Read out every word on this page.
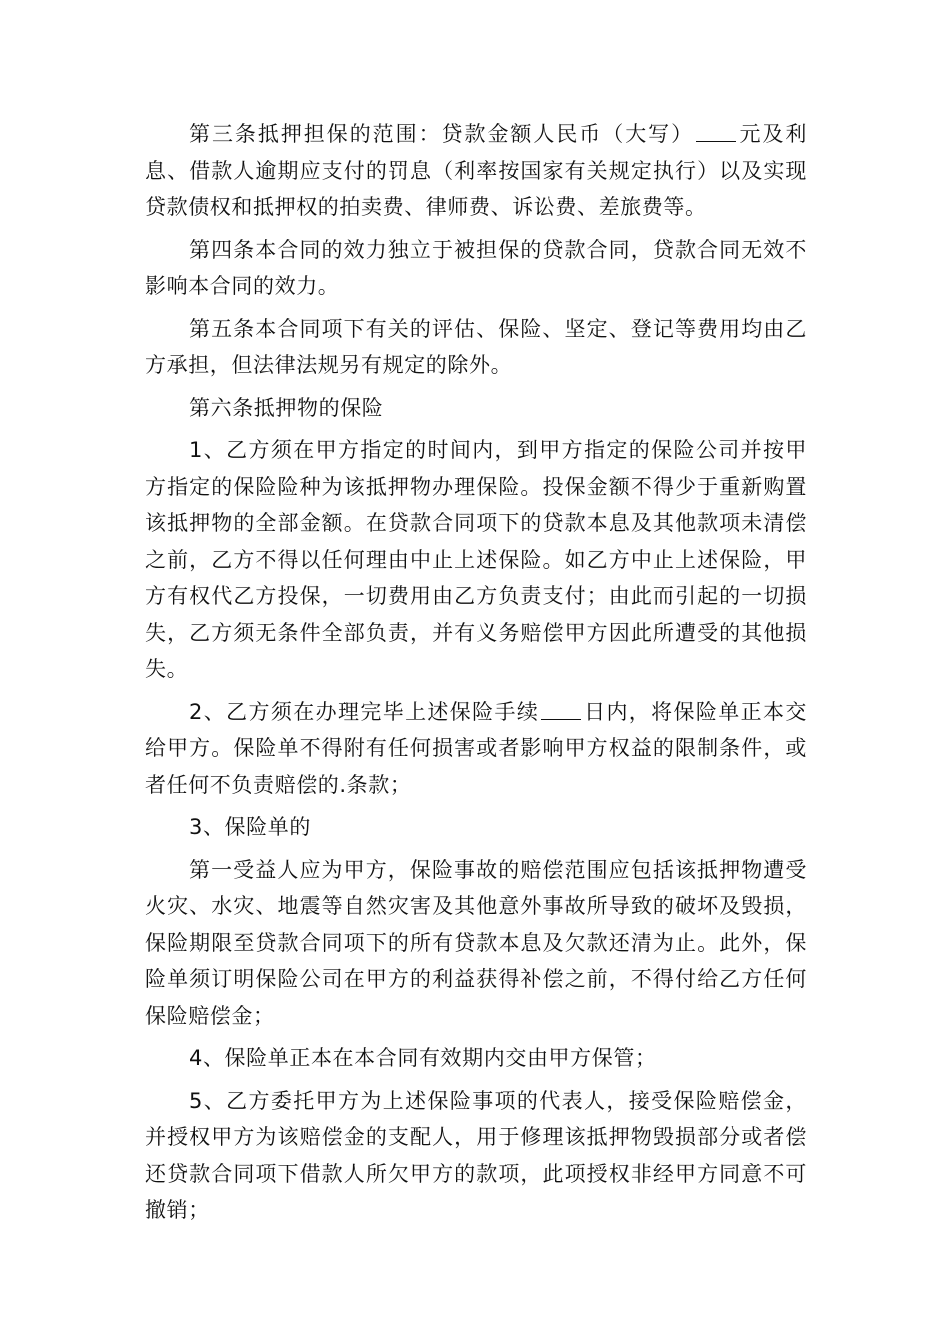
第三条抵押担保的范围：贷款金额人民币（大写） 元及利息、借款人逾期应支付的罚息（利率按国家有关规定执行）以及实现贷款债权和抵押权的拍卖费、律师费、诉讼费、差旅费等。

第四条本合同的效力独立于被担保的贷款合同，贷款合同无效不影响本合同的效力。

第五条本合同项下有关的评估、保险、坚定、登记等费用均由乙方承担，但法律法规另有规定的除外。

第六条抵押物的保险

1、乙方须在甲方指定的时间内，到甲方指定的保险公司并按甲方指定的保险险种为该抵押物办理保险。投保金额不得少于重新购置该抵押物的全部金额。在贷款合同项下的贷款本息及其他款项未清偿之前，乙方不得以任何理由中止上述保险。如乙方中止上述保险，甲方有权代乙方投保，一切费用由乙方负责支付；由此而引起的一切损失，乙方须无条件全部负责，并有义务赔偿甲方因此所遭受的其他损失。

2、乙方须在办理完毕上述保险手续 日内，将保险单正本交给甲方。保险单不得附有任何损害或者影响甲方权益的限制条件，或者任何不负责赔偿的.条款；

3、保险单的

第一受益人应为甲方，保险事故的赔偿范围应包括该抵押物遭受火灾、水灾、地震等自然灾害及其他意外事故所导致的破坏及毁损，保险期限至贷款合同项下的所有贷款本息及欠款还清为止。此外，保险单须订明保险公司在甲方的利益获得补偿之前，不得付给乙方任何保险赔偿金；

4、保险单正本在本合同有效期内交由甲方保管；

5、乙方委托甲方为上述保险事项的代表人，接受保险赔偿金，并授权甲方为该赔偿金的支配人，用于修理该抵押物毁损部分或者偿还贷款合同项下借款人所欠甲方的款项，此项授权非经甲方同意不可撤销；
